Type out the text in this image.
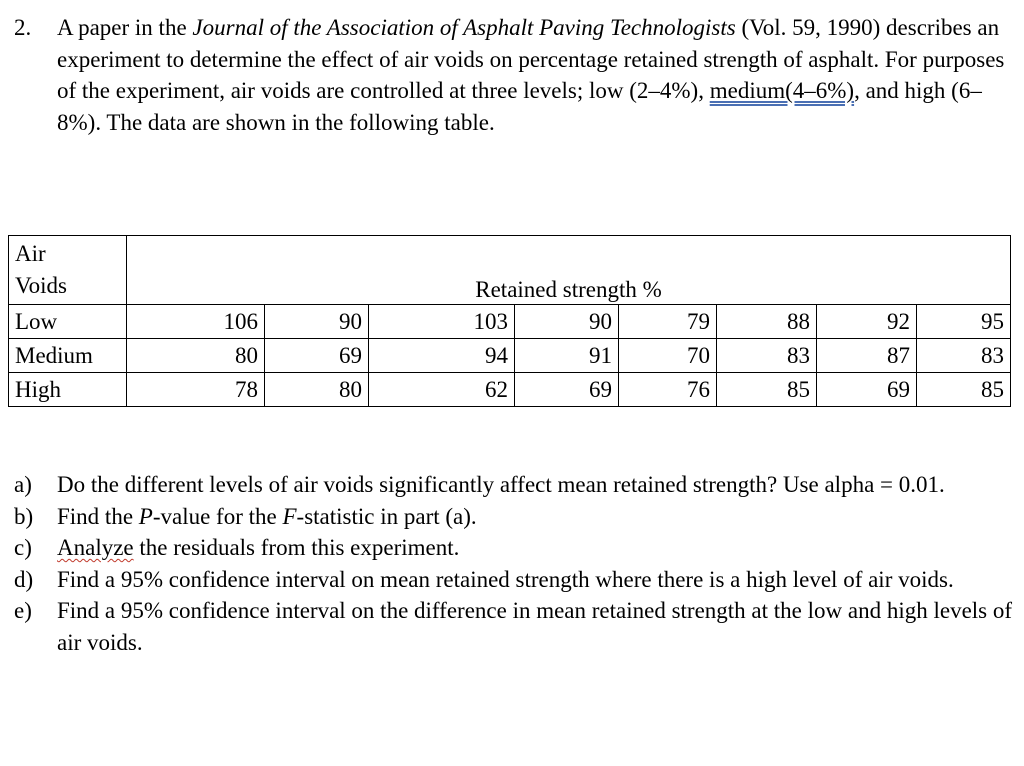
2.	A paper in the Journal of the Association of Asphalt Paving Technologists (Vol. 59, 1990) describes an experiment to determine the effect of air voids on percentage retained strength of asphalt. For purposes of the experiment, air voids are controlled at three levels; low (2–4%), medium(4–6%), and high (6–8%). The data are shown in the following table.
Air
Voids	Retained strength %							
Low	106	90	103	90	79	88	92	95
Medium	80	69	94	91	70	83	87	83
High	78	80	62	69	76	85	69	85
a) Do the different levels of air voids significantly affect mean retained strength? Use alpha = 0.01.
b) Find the P-value for the F-statistic in part (a).
c) Analyze the residuals from this experiment.
d) Find a 95% confidence interval on mean retained strength where there is a high level of air voids.
e) Find a 95% confidence interval on the difference in mean retained strength at the low and high levels of air voids.
